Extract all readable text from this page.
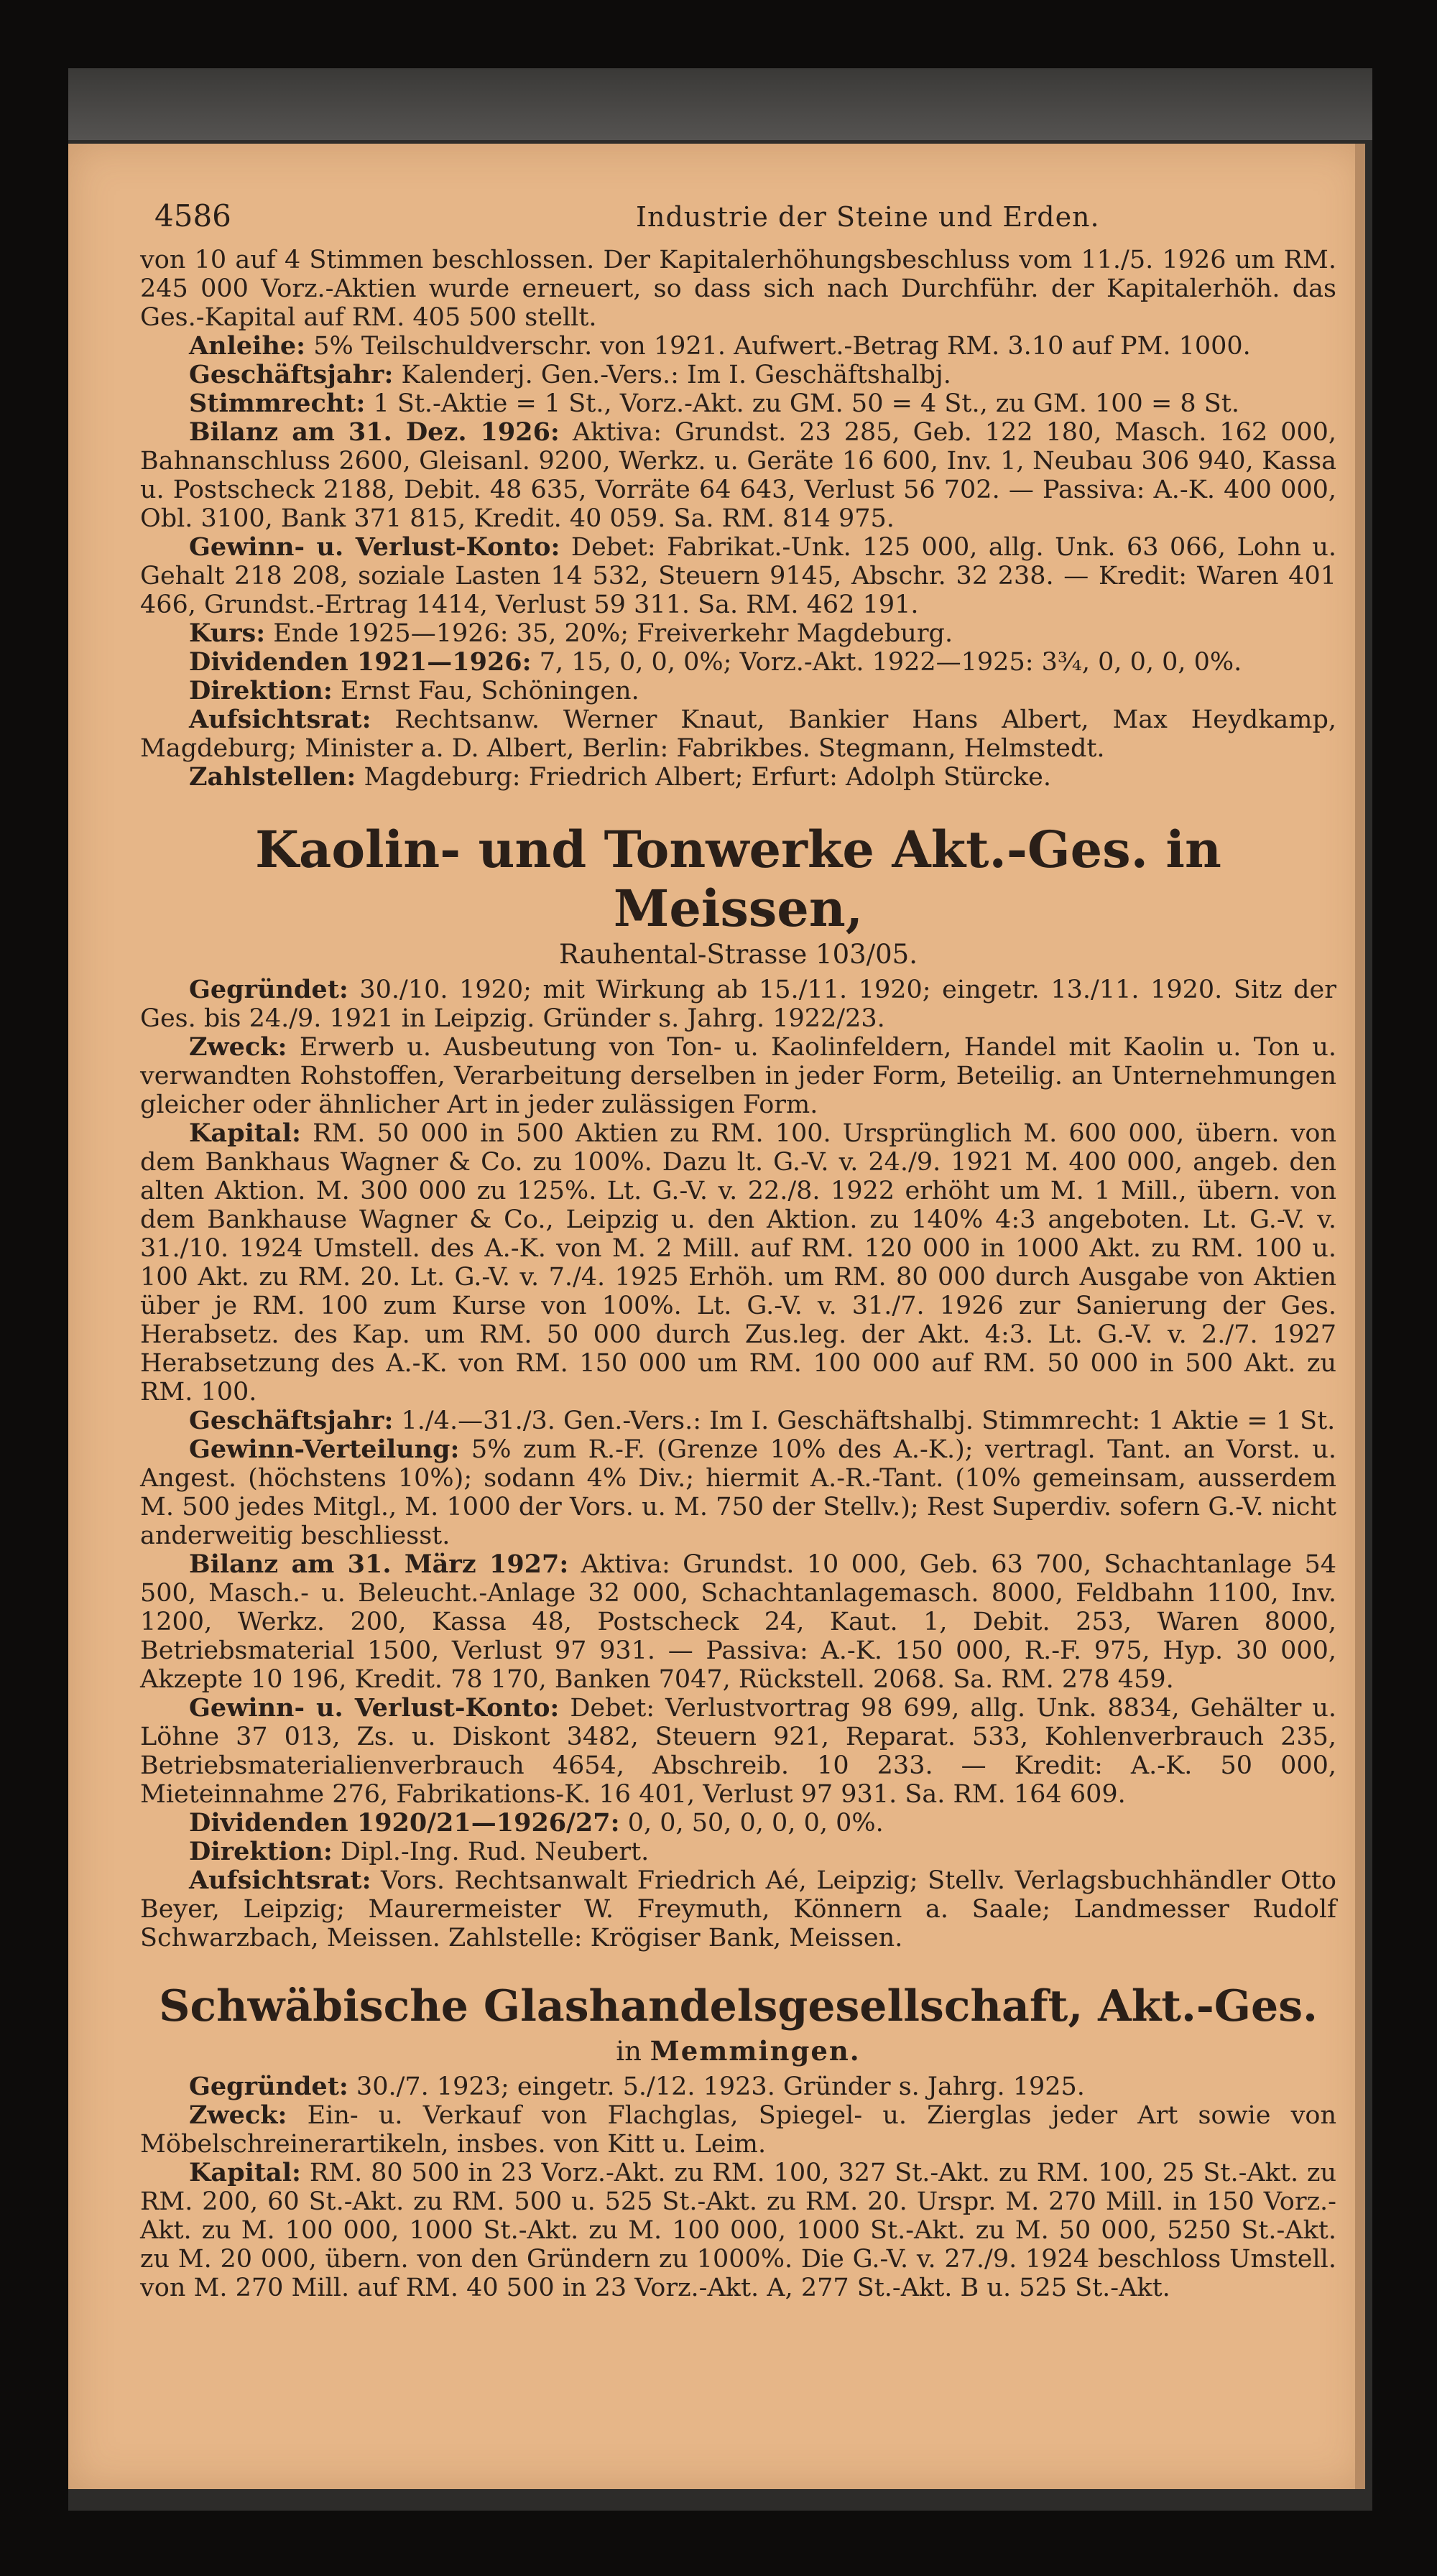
4586	Industrie der Steine und Erden.

von 10 auf 4 Stimmen beschlossen. Der Kapitalerhöhungsbeschluss vom 11./5. 1926 um RM. 245 000 Vorz.-Aktien wurde erneuert, so dass sich nach Durchführ. der Kapitalerhöh. das Ges.-Kapital auf RM. 405 500 stellt.

Anleihe: 5% Teilschuldverschr. von 1921. Aufwert.-Betrag RM. 3.10 auf PM. 1000.

Geschäftsjahr: Kalenderj. Gen.-Vers.: Im I. Geschäftshalbj.

Stimmrecht: 1 St.-Aktie = 1 St., Vorz.-Akt. zu GM. 50 = 4 St., zu GM. 100 = 8 St.

Bilanz am 31. Dez. 1926: Aktiva: Grundst. 23 285, Geb. 122 180, Masch. 162 000, Bahnanschluss 2600, Gleisanl. 9200, Werkz. u. Geräte 16 600, Inv. 1, Neubau 306 940, Kassa u. Postscheck 2188, Debit. 48 635, Vorräte 64 643, Verlust 56 702. — Passiva: A.-K. 400 000, Obl. 3100, Bank 371 815, Kredit. 40 059. Sa. RM. 814 975.

Gewinn- u. Verlust-Konto: Debet: Fabrikat.-Unk. 125 000, allg. Unk. 63 066, Lohn u. Gehalt 218 208, soziale Lasten 14 532, Steuern 9145, Abschr. 32 238. — Kredit: Waren 401 466, Grundst.-Ertrag 1414, Verlust 59 311. Sa. RM. 462 191.

Kurs: Ende 1925—1926: 35, 20%; Freiverkehr Magdeburg.

Dividenden 1921—1926: 7, 15, 0, 0, 0%; Vorz.-Akt. 1922—1925: 3¾, 0, 0, 0, 0%.

Direktion: Ernst Fau, Schöningen.

Aufsichtsrat: Rechtsanw. Werner Knaut, Bankier Hans Albert, Max Heydkamp, Magdeburg; Minister a. D. Albert, Berlin: Fabrikbes. Stegmann, Helmstedt.

Zahlstellen: Magdeburg: Friedrich Albert; Erfurt: Adolph Stürcke.

Kaolin- und Tonwerke Akt.-Ges. in Meissen,
Rauhental-Strasse 103/05.

Gegründet: 30./10. 1920; mit Wirkung ab 15./11. 1920; eingetr. 13./11. 1920. Sitz der Ges. bis 24./9. 1921 in Leipzig. Gründer s. Jahrg. 1922/23.

Zweck: Erwerb u. Ausbeutung von Ton- u. Kaolinfeldern, Handel mit Kaolin u. Ton u. verwandten Rohstoffen, Verarbeitung derselben in jeder Form, Beteilig. an Unternehmungen gleicher oder ähnlicher Art in jeder zulässigen Form.

Kapital: RM. 50 000 in 500 Aktien zu RM. 100. Ursprünglich M. 600 000, übern. von dem Bankhaus Wagner & Co. zu 100%. Dazu lt. G.-V. v. 24./9. 1921 M. 400 000, angeb. den alten Aktion. M. 300 000 zu 125%. Lt. G.-V. v. 22./8. 1922 erhöht um M. 1 Mill., übern. von dem Bankhause Wagner & Co., Leipzig u. den Aktion. zu 140% 4:3 angeboten. Lt. G.-V. v. 31./10. 1924 Umstell. des A.-K. von M. 2 Mill. auf RM. 120 000 in 1000 Akt. zu RM. 100 u. 100 Akt. zu RM. 20. Lt. G.-V. v. 7./4. 1925 Erhöh. um RM. 80 000 durch Ausgabe von Aktien über je RM. 100 zum Kurse von 100%. Lt. G.-V. v. 31./7. 1926 zur Sanierung der Ges. Herabsetz. des Kap. um RM. 50 000 durch Zus.leg. der Akt. 4:3. Lt. G.-V. v. 2./7. 1927 Herabsetzung des A.-K. von RM. 150 000 um RM. 100 000 auf RM. 50 000 in 500 Akt. zu RM. 100.

Geschäftsjahr: 1./4.—31./3. Gen.-Vers.: Im I. Geschäftshalbj. Stimmrecht: 1 Aktie = 1 St.

Gewinn-Verteilung: 5% zum R.-F. (Grenze 10% des A.-K.); vertragl. Tant. an Vorst. u. Angest. (höchstens 10%); sodann 4% Div.; hiermit A.-R.-Tant. (10% gemeinsam, ausserdem M. 500 jedes Mitgl., M. 1000 der Vors. u. M. 750 der Stellv.); Rest Superdiv. sofern G.-V. nicht anderweitig beschliesst.

Bilanz am 31. März 1927: Aktiva: Grundst. 10 000, Geb. 63 700, Schachtanlage 54 500, Masch.- u. Beleucht.-Anlage 32 000, Schachtanlagemasch. 8000, Feldbahn 1100, Inv. 1200, Werkz. 200, Kassa 48, Postscheck 24, Kaut. 1, Debit. 253, Waren 8000, Betriebsmaterial 1500, Verlust 97 931. — Passiva: A.-K. 150 000, R.-F. 975, Hyp. 30 000, Akzepte 10 196, Kredit. 78 170, Banken 7047, Rückstell. 2068. Sa. RM. 278 459.

Gewinn- u. Verlust-Konto: Debet: Verlustvortrag 98 699, allg. Unk. 8834, Gehälter u. Löhne 37 013, Zs. u. Diskont 3482, Steuern 921, Reparat. 533, Kohlenverbrauch 235, Betriebsmaterialienverbrauch 4654, Abschreib. 10 233. — Kredit: A.-K. 50 000, Mieteinnahme 276, Fabrikations-K. 16 401, Verlust 97 931. Sa. RM. 164 609.

Dividenden 1920/21—1926/27: 0, 0, 50, 0, 0, 0, 0%.

Direktion: Dipl.-Ing. Rud. Neubert.

Aufsichtsrat: Vors. Rechtsanwalt Friedrich Aé, Leipzig; Stellv. Verlagsbuchhändler Otto Beyer, Leipzig; Maurermeister W. Freymuth, Könnern a. Saale; Landmesser Rudolf Schwarzbach, Meissen. Zahlstelle: Krögiser Bank, Meissen.

Schwäbische Glashandelsgesellschaft, Akt.-Ges.
in Memmingen.

Gegründet: 30./7. 1923; eingetr. 5./12. 1923. Gründer s. Jahrg. 1925.

Zweck: Ein- u. Verkauf von Flachglas, Spiegel- u. Zierglas jeder Art sowie von Möbelschreinerartikeln, insbes. von Kitt u. Leim.

Kapital: RM. 80 500 in 23 Vorz.-Akt. zu RM. 100, 327 St.-Akt. zu RM. 100, 25 St.-Akt. zu RM. 200, 60 St.-Akt. zu RM. 500 u. 525 St.-Akt. zu RM. 20. Urspr. M. 270 Mill. in 150 Vorz.-Akt. zu M. 100 000, 1000 St.-Akt. zu M. 100 000, 1000 St.-Akt. zu M. 50 000, 5250 St.-Akt. zu M. 20 000, übern. von den Gründern zu 1000%. Die G.-V. v. 27./9. 1924 beschloss Umstell. von M. 270 Mill. auf RM. 40 500 in 23 Vorz.-Akt. A, 277 St.-Akt. B u. 525 St.-Akt.
